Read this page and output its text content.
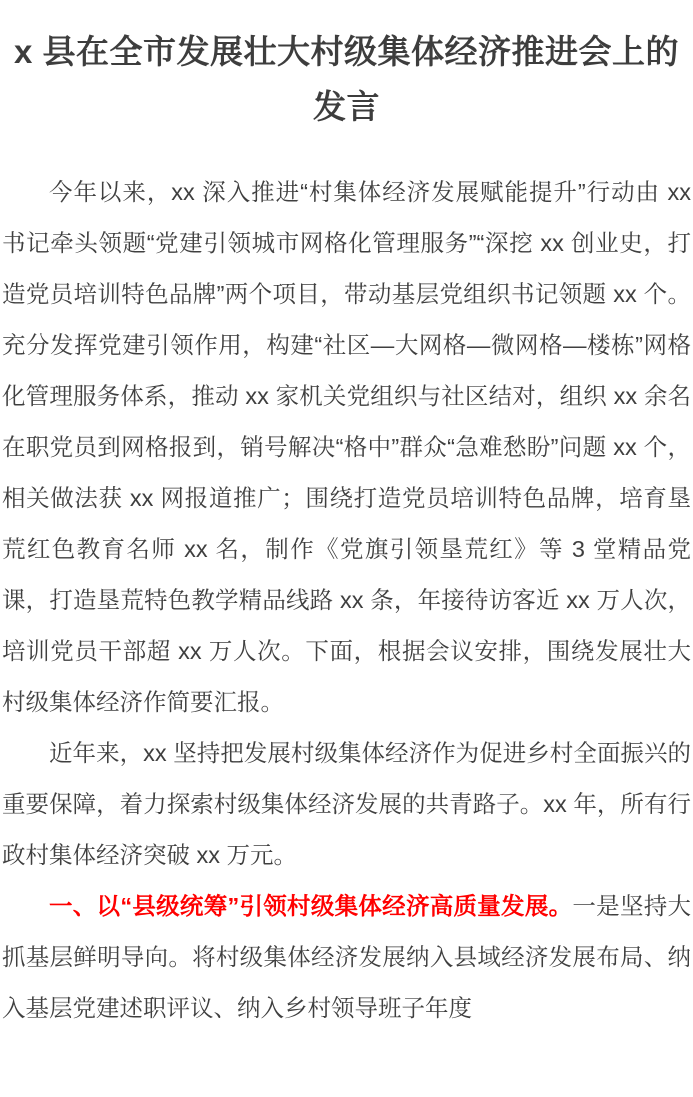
x 县在全市发展壮大村级集体经济推进会上的发言

今年以来，xx 深入推进“村集体经济发展赋能提升”行动由 xx 书记牵头领题“党建引领城市网格化管理服务”“深挖 xx 创业史，打造党员培训特色品牌”两个项目，带动基层党组织书记领题 xx 个。充分发挥党建引领作用，构建“社区—大网格—微网格—楼栋”网格化管理服务体系，推动 xx 家机关党组织与社区结对，组织 xx 余名在职党员到网格报到，销号解决“格中”群众“急难愁盼”问题 xx 个，相关做法获 xx 网报道推广；围绕打造党员培训特色品牌，培育垦荒红色教育名师 xx 名，制作《党旗引领垦荒红》等 3 堂精品党课，打造垦荒特色教学精品线路 xx 条，年接待访客近 xx 万人次，培训党员干部超 xx 万人次。下面，根据会议安排，围绕发展壮大村级集体经济作简要汇报。

近年来，xx 坚持把发展村级集体经济作为促进乡村全面振兴的重要保障，着力探索村级集体经济发展的共青路子。xx 年，所有行政村集体经济突破 xx 万元。

一、以“县级统筹”引领村级集体经济高质量发展。一是坚持大抓基层鲜明导向。将村级集体经济发展纳入县域经济发展布局、纳入基层党建述职评议、纳入乡村领导班子年度
